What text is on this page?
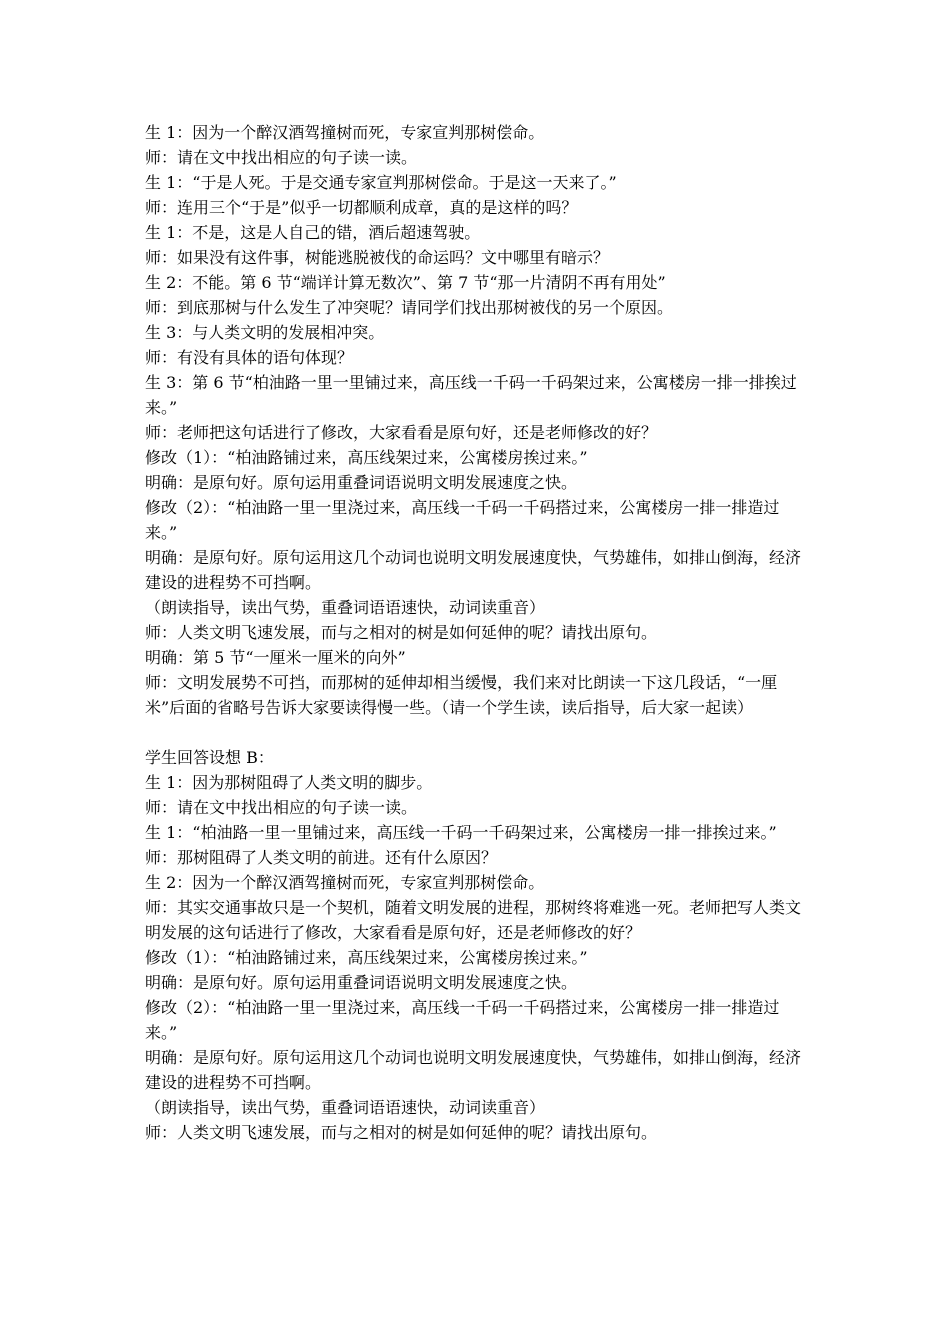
生 1：因为一个醉汉酒驾撞树而死，专家宣判那树偿命。

师：请在文中找出相应的句子读一读。

生 1：“于是人死。于是交通专家宣判那树偿命。于是这一天来了。”

师：连用三个“于是”似乎一切都顺利成章，真的是这样的吗？

生 1：不是，这是人自己的错，酒后超速驾驶。

师：如果没有这件事，树能逃脱被伐的命运吗？文中哪里有暗示？

生 2：不能。第 6 节“端详计算无数次”、第 7 节“那一片清阴不再有用处”

师：到底那树与什么发生了冲突呢？请同学们找出那树被伐的另一个原因。

生 3：与人类文明的发展相冲突。

师：有没有具体的语句体现？

生 3：第 6 节“柏油路一里一里铺过来，高压线一千码一千码架过来，公寓楼房一排一排挨过来。”

师：老师把这句话进行了修改，大家看看是原句好，还是老师修改的好？

修改（1）：“柏油路铺过来，高压线架过来，公寓楼房挨过来。”

明确：是原句好。原句运用重叠词语说明文明发展速度之快。

修改（2）：“柏油路一里一里浇过来，高压线一千码一千码搭过来，公寓楼房一排一排造过来。”

明确：是原句好。原句运用这几个动词也说明文明发展速度快，气势雄伟，如排山倒海，经济建设的进程势不可挡啊。

（朗读指导，读出气势，重叠词语语速快，动词读重音）

师：人类文明飞速发展，而与之相对的树是如何延伸的呢？请找出原句。

明确：第 5 节“一厘米一厘米的向外”

师：文明发展势不可挡，而那树的延伸却相当缓慢，我们来对比朗读一下这几段话，“一厘米”后面的省略号告诉大家要读得慢一些。（请一个学生读，读后指导，后大家一起读）

学生回答设想 B：

生 1：因为那树阻碍了人类文明的脚步。

师：请在文中找出相应的句子读一读。

生 1：“柏油路一里一里铺过来，高压线一千码一千码架过来，公寓楼房一排一排挨过来。”

师：那树阻碍了人类文明的前进。还有什么原因？

生 2：因为一个醉汉酒驾撞树而死，专家宣判那树偿命。

师：其实交通事故只是一个契机，随着文明发展的进程，那树终将难逃一死。老师把写人类文明发展的这句话进行了修改，大家看看是原句好，还是老师修改的好？

修改（1）：“柏油路铺过来，高压线架过来，公寓楼房挨过来。”

明确：是原句好。原句运用重叠词语说明文明发展速度之快。

修改（2）：“柏油路一里一里浇过来，高压线一千码一千码搭过来，公寓楼房一排一排造过来。”

明确：是原句好。原句运用这几个动词也说明文明发展速度快，气势雄伟，如排山倒海，经济建设的进程势不可挡啊。

（朗读指导，读出气势，重叠词语语速快，动词读重音）

师：人类文明飞速发展，而与之相对的树是如何延伸的呢？请找出原句。
